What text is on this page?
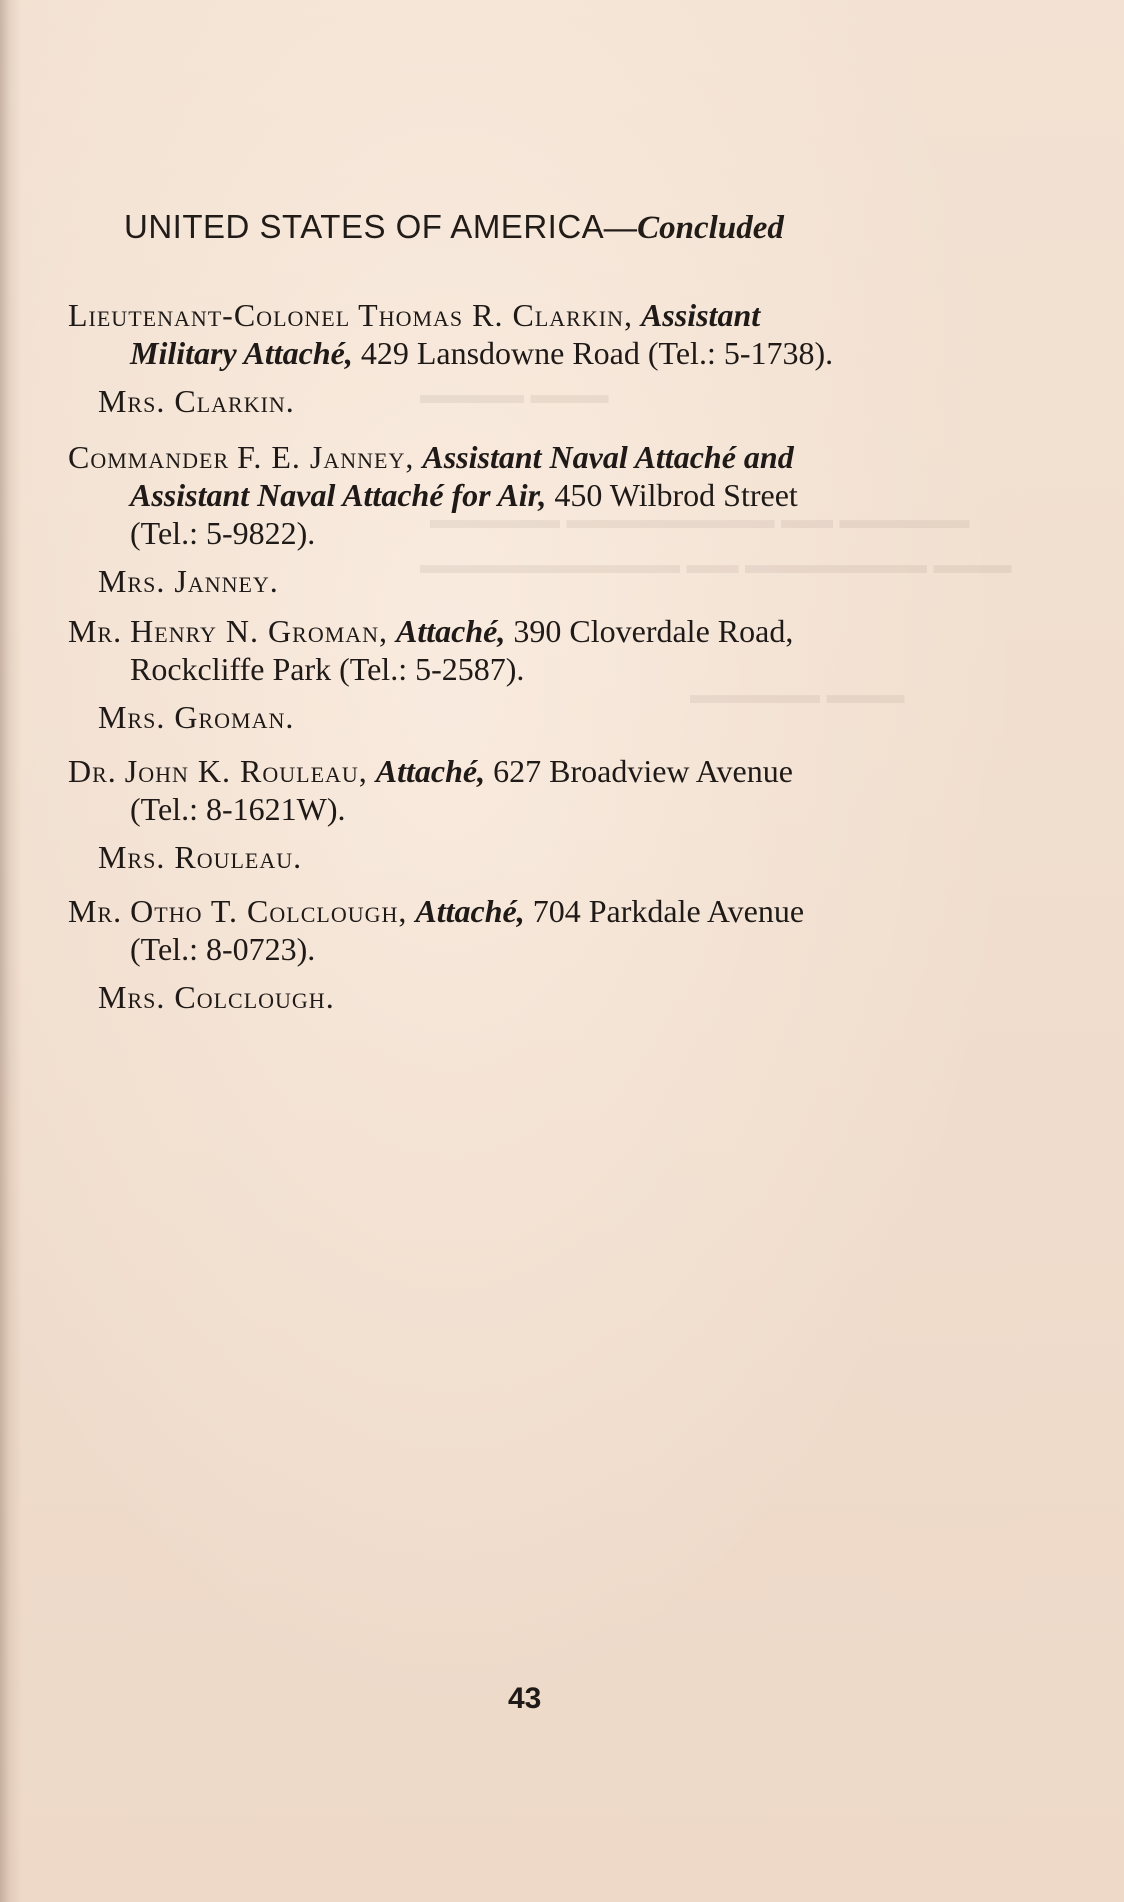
▬▬▬ ▬▬▬▬
▬▬▬▬▬ ▬▬ ▬▬▬▬▬▬▬▬ ▬▬▬▬▬
▬▬▬ ▬▬▬▬▬▬▬ ▬▬ ▬▬▬▬▬▬▬▬▬▬
▬▬▬ ▬▬▬▬▬
UNITED STATES OF AMERICA—Concluded
Lieutenant-Colonel Thomas R. Clarkin, Assistant
Military Attaché, 429 Lansdowne Road (Tel.: 5-1738).
Mrs. Clarkin.
Commander F. E. Janney, Assistant Naval Attaché and
Assistant Naval Attaché for Air, 450 Wilbrod Street
(Tel.: 5-9822).
Mrs. Janney.
Mr. Henry N. Groman, Attaché, 390 Cloverdale Road,
Rockcliffe Park (Tel.: 5-2587).
Mrs. Groman.
Dr. John K. Rouleau, Attaché, 627 Broadview Avenue
(Tel.: 8-1621W).
Mrs. Rouleau.
Mr. Otho T. Colclough, Attaché, 704 Parkdale Avenue
(Tel.: 8-0723).
Mrs. Colclough.
43
